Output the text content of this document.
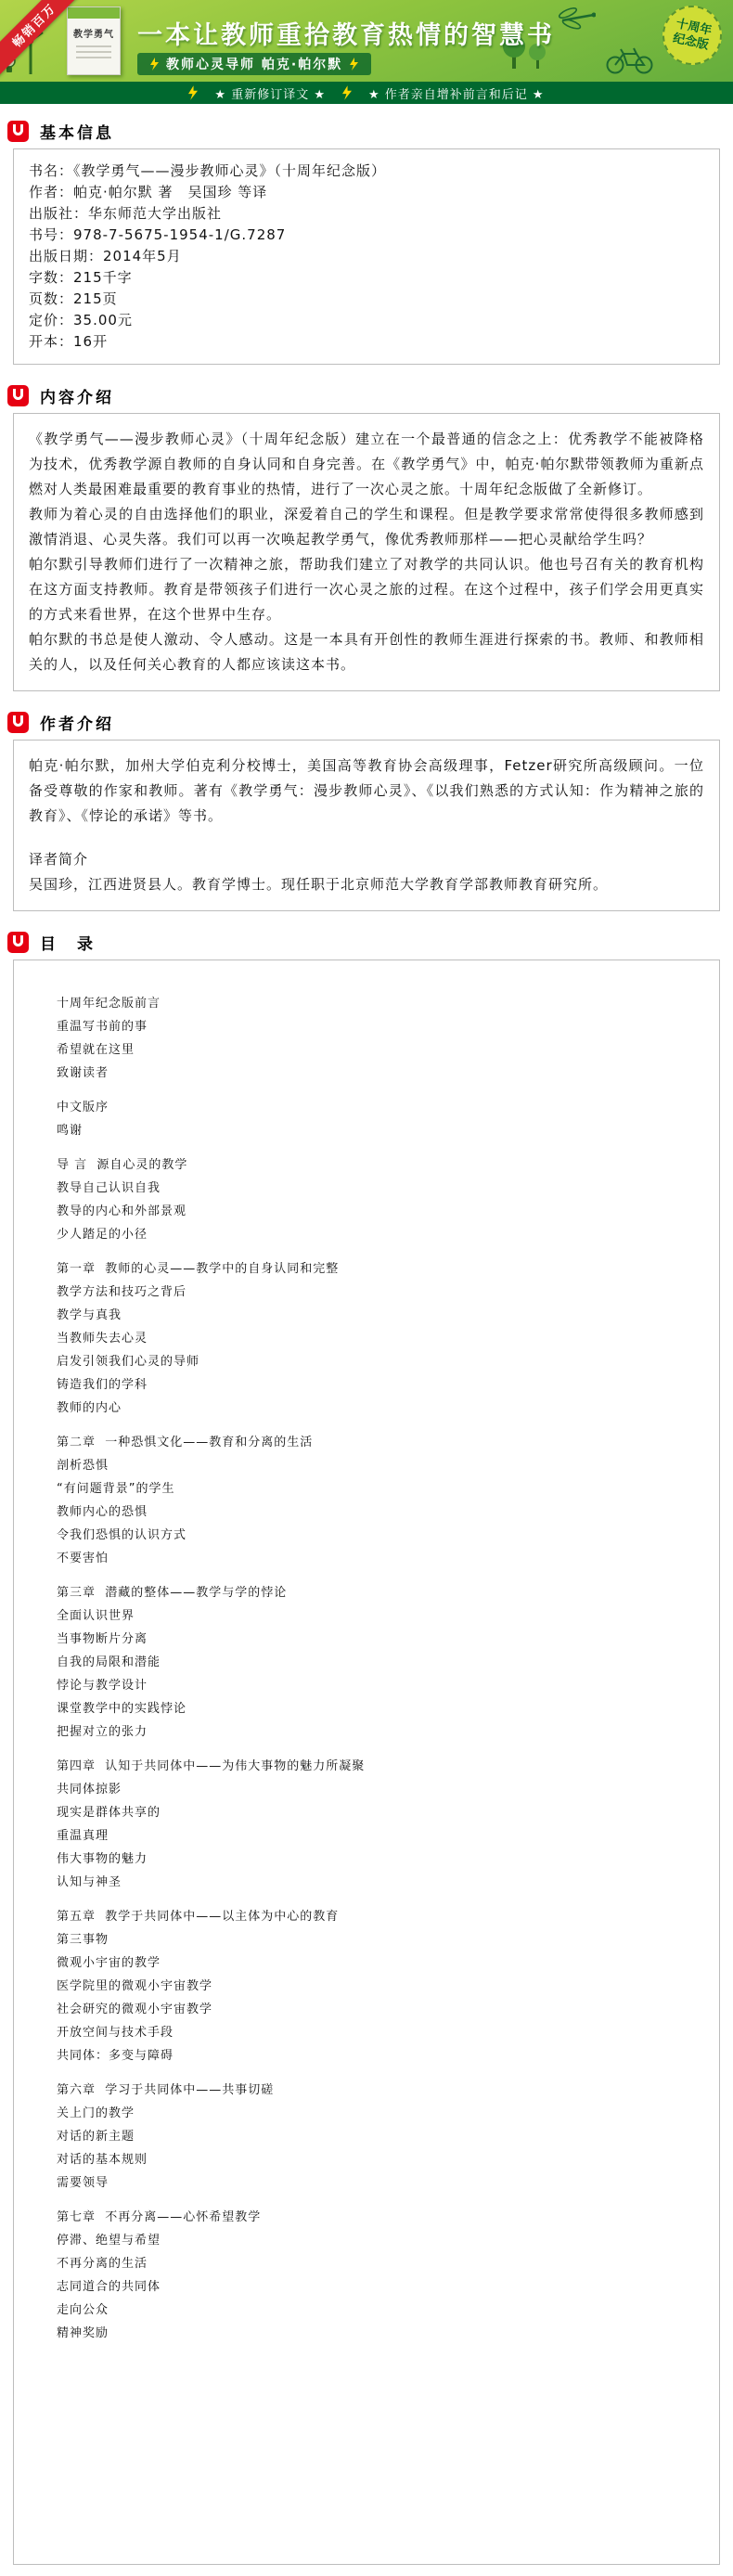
畅销百万	教学勇气 一本让教师重拾教育热情的智慧书
教师心灵导师 帕克·帕尔默
十周年纪念版
★ 重新修订译文 ★	★ 作者亲自增补前言和后记 ★
基本信息
书名：《教学勇气——漫步教师心灵》（十周年纪念版）
作者：帕克·帕尔默 著　吴国珍 等译
出版社：华东师范大学出版社
书号：978-7-5675-1954-1/G.7287
出版日期：2014年5月
字数：215千字
页数：215页
定价：35.00元
开本：16开
内容介绍

《教学勇气——漫步教师心灵》（十周年纪念版）建立在一个最普通的信念之上：优秀教学不能被降格为技术，优秀教学源自教师的自身认同和自身完善。在《教学勇气》中，帕克·帕尔默带领教师为重新点燃对人类最困难最重要的教育事业的热情，进行了一次心灵之旅。十周年纪念版做了全新修订。

教师为着心灵的自由选择他们的职业，深爱着自己的学生和课程。但是教学要求常常使得很多教师感到激情消退、心灵失落。我们可以再一次唤起教学勇气，像优秀教师那样——把心灵献给学生吗？

帕尔默引导教师们进行了一次精神之旅，帮助我们建立了对教学的共同认识。他也号召有关的教育机构在这方面支持教师。教育是带领孩子们进行一次心灵之旅的过程。在这个过程中，孩子们学会用更真实的方式来看世界，在这个世界中生存。

帕尔默的书总是使人激动、令人感动。这是一本具有开创性的教师生涯进行探索的书。教师、和教师相关的人，以及任何关心教育的人都应该读这本书。

作者介绍

帕克·帕尔默，加州大学伯克利分校博士，美国高等教育协会高级理事，Fetzer研究所高级顾问。一位备受尊敬的作家和教师。著有《教学勇气：漫步教师心灵》、《以我们熟悉的方式认知：作为精神之旅的教育》、《悖论的承诺》等书。

译者简介

吴国珍，江西进贤县人。教育学博士。现任职于北京师范大学教育学部教师教育研究所。

目　录
十周年纪念版前言
重温写书前的事
希望就在这里
致谢读者
中文版序
鸣谢
导 言  源自心灵的教学
教导自己认识自我
教导的内心和外部景观
少人踏足的小径
第一章  教师的心灵——教学中的自身认同和完整
教学方法和技巧之背后
教学与真我
当教师失去心灵
启发引领我们心灵的导师
铸造我们的学科
教师的内心
第二章  一种恐惧文化——教育和分离的生活
剖析恐惧
“有问题背景”的学生
教师内心的恐惧
令我们恐惧的认识方式
不要害怕
第三章  潜藏的整体——教学与学的悖论
全面认识世界
当事物断片分离
自我的局限和潜能
悖论与教学设计
课堂教学中的实践悖论
把握对立的张力
第四章  认知于共同体中——为伟大事物的魅力所凝聚
共同体掠影
现实是群体共享的
重温真理
伟大事物的魅力
认知与神圣
第五章  教学于共同体中——以主体为中心的教育
第三事物
微观小宇宙的教学
医学院里的微观小宇宙教学
社会研究的微观小宇宙教学
开放空间与技术手段
共同体：多变与障碍
第六章  学习于共同体中——共事切磋
关上门的教学
对话的新主题
对话的基本规则
需要领导
第七章  不再分离——心怀希望教学
停滞、绝望与希望
不再分离的生活
志同道合的共同体
走向公众
精神奖励
